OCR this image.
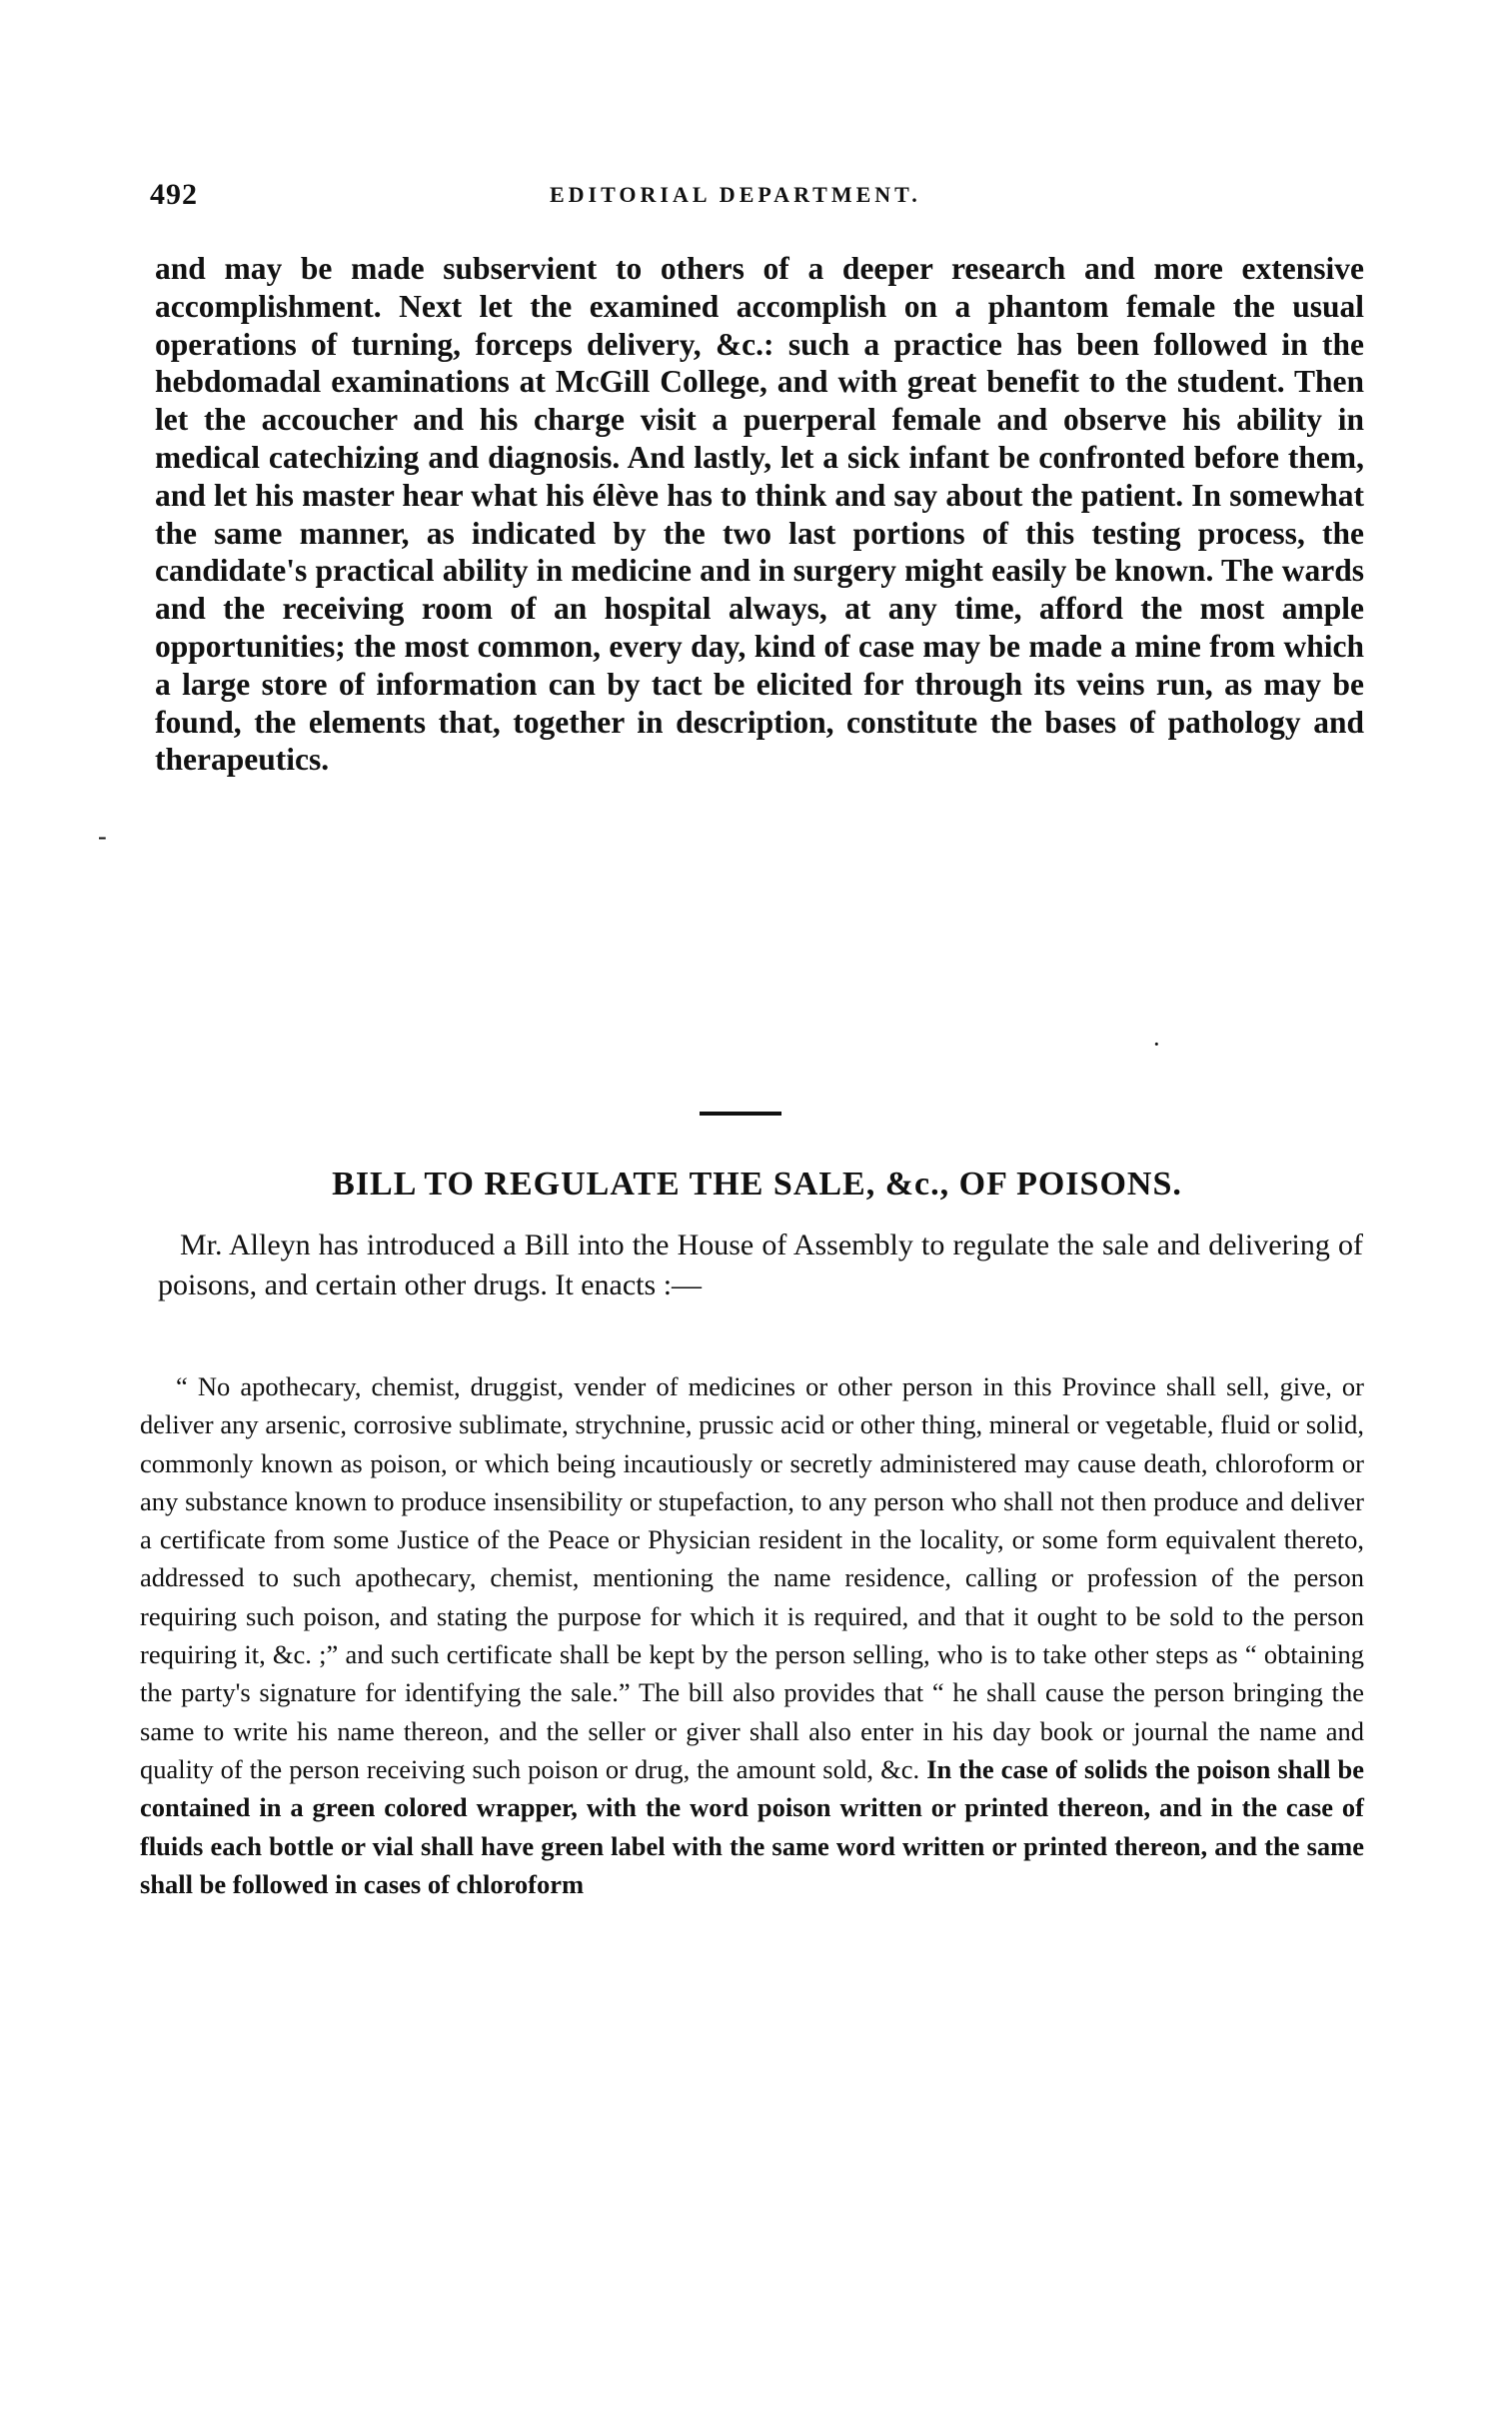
492	EDITORIAL DEPARTMENT.

and may be made subservient to others of a deeper research and more extensive accomplishment. Next let the examined accomplish on a phantom female the usual operations of turning, forceps delivery, &c.: such a practice has been followed in the hebdomadal examinations at McGill College, and with great benefit to the student. Then let the accoucher and his charge visit a puerperal female and observe his ability in medical catechizing and diagnosis. And lastly, let a sick infant be confronted before them, and let his master hear what his élève has to think and say about the patient. In somewhat the same manner, as indicated by the two last portions of this testing process, the candidate's practical ability in medicine and in surgery might easily be known. The wards and the receiving room of an hospital always, at any time, afford the most ample opportunities; the most common, every day, kind of case may be made a mine from which a large store of information can by tact be elicited for through its veins run, as may be found, the elements that, together in description, constitute the bases of pathology and therapeutics.

-
·
BILL TO REGULATE THE SALE, &c., OF POISONS.

Mr. Alleyn has introduced a Bill into the House of Assembly to regulate the sale and delivering of poisons, and certain other drugs. It enacts :—

“ No apothecary, chemist, druggist, vender of medicines or other person in this Province shall sell, give, or deliver any arsenic, corrosive sublimate, strychnine, prussic acid or other thing, mineral or vegetable, fluid or solid, commonly known as poison, or which being incautiously or secretly administered may cause death, chloroform or any substance known to produce insensibility or stupefaction, to any person who shall not then produce and deliver a certificate from some Justice of the Peace or Physician resident in the locality, or some form equivalent thereto, addressed to such apothecary, chemist, mentioning the name residence, calling or profession of the person requiring such poison, and stating the purpose for which it is required, and that it ought to be sold to the person requiring it, &c. ;” and such certificate shall be kept by the person selling, who is to take other steps as “ obtaining the party's signature for identifying the sale.” The bill also provides that “ he shall cause the person bringing the same to write his name thereon, and the seller or giver shall also enter in his day book or journal the name and quality of the person receiving such poison or drug, the amount sold, &c. In the case of solids the poison shall be contained in a green colored wrapper, with the word poison written or printed thereon, and in the case of fluids each bottle or vial shall have green label with the same word written or printed thereon, and the same shall be followed in cases of chloroform
